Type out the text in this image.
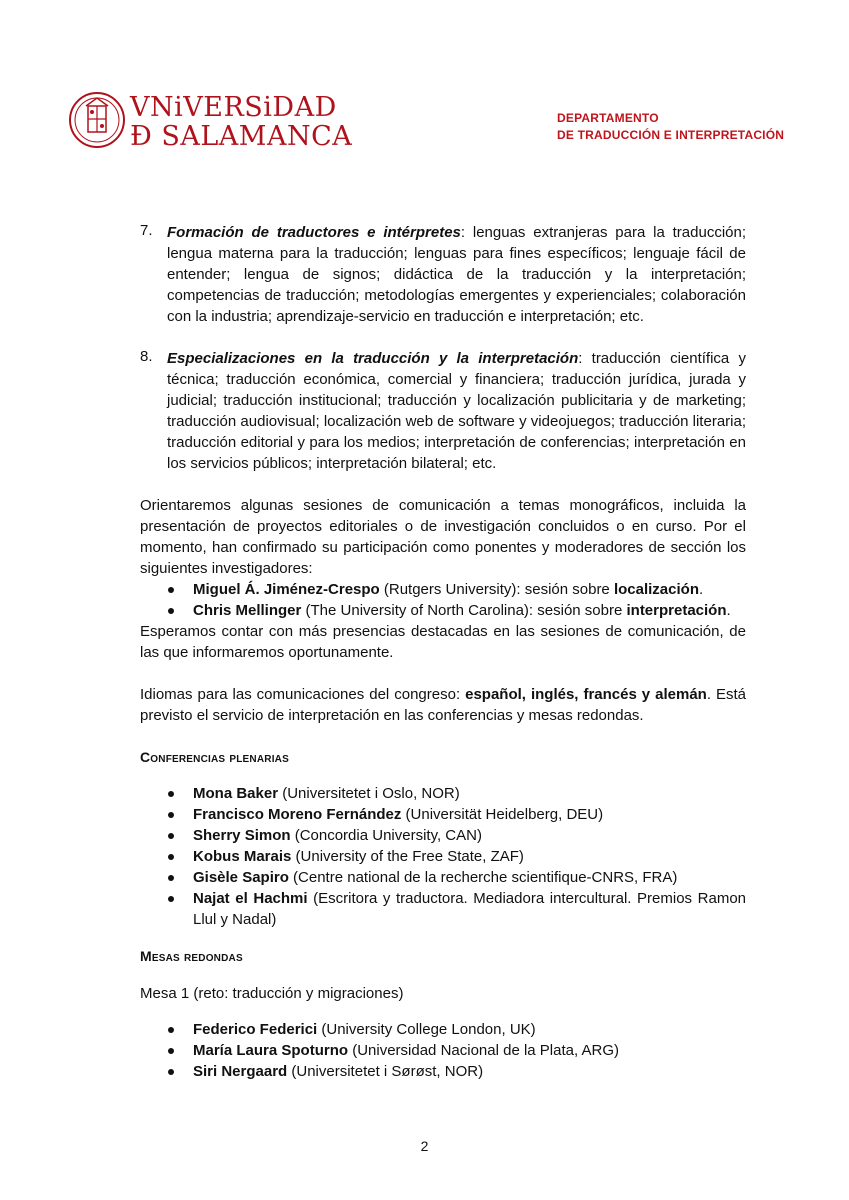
VNiVERSiDAD
Ð SALAMANCA
DEPARTAMENTO
DE TRADUCCIÓN E INTERPRETACIÓN
7. Formación de traductores e intérpretes: lenguas extranjeras para la traducción; lengua materna para la traducción; lenguas para fines específicos; lenguaje fácil de entender; lengua de signos; didáctica de la traducción y la interpretación; competencias de traducción; metodologías emergentes y experienciales; colaboración con la industria; aprendizaje-servicio en traducción e interpretación; etc.
8. Especializaciones en la traducción y la interpretación: traducción científica y técnica; traducción económica, comercial y financiera; traducción jurídica, jurada y judicial; traducción institucional; traducción y localización publicitaria y de marketing; traducción audiovisual; localización web de software y videojuegos; traducción literaria; traducción editorial y para los medios; interpretación de conferencias; interpretación en los servicios públicos; interpretación bilateral; etc.
Orientaremos algunas sesiones de comunicación a temas monográficos, incluida la presentación de proyectos editoriales o de investigación concluidos o en curso. Por el momento, han confirmado su participación como ponentes y moderadores de sección los siguientes investigadores:
Miguel Á. Jiménez-Crespo (Rutgers University): sesión sobre localización.
Chris Mellinger (The University of North Carolina): sesión sobre interpretación.
Esperamos contar con más presencias destacadas en las sesiones de comunicación, de las que informaremos oportunamente.
Idiomas para las comunicaciones del congreso: español, inglés, francés y alemán. Está previsto el servicio de interpretación en las conferencias y mesas redondas.
Conferencias plenarias
Mona Baker (Universitetet i Oslo, NOR)
Francisco Moreno Fernández (Universität Heidelberg, DEU)
Sherry Simon (Concordia University, CAN)
Kobus Marais (University of the Free State, ZAF)
Gisèle Sapiro (Centre national de la recherche scientifique-CNRS, FRA)
Najat el Hachmi (Escritora y traductora. Mediadora intercultural. Premios Ramon Llul y Nadal)
Mesas redondas
Mesa 1 (reto: traducción y migraciones)
Federico Federici (University College London, UK)
María Laura Spoturno (Universidad Nacional de la Plata, ARG)
Siri Nergaard (Universitetet i Sørøst, NOR)
2
